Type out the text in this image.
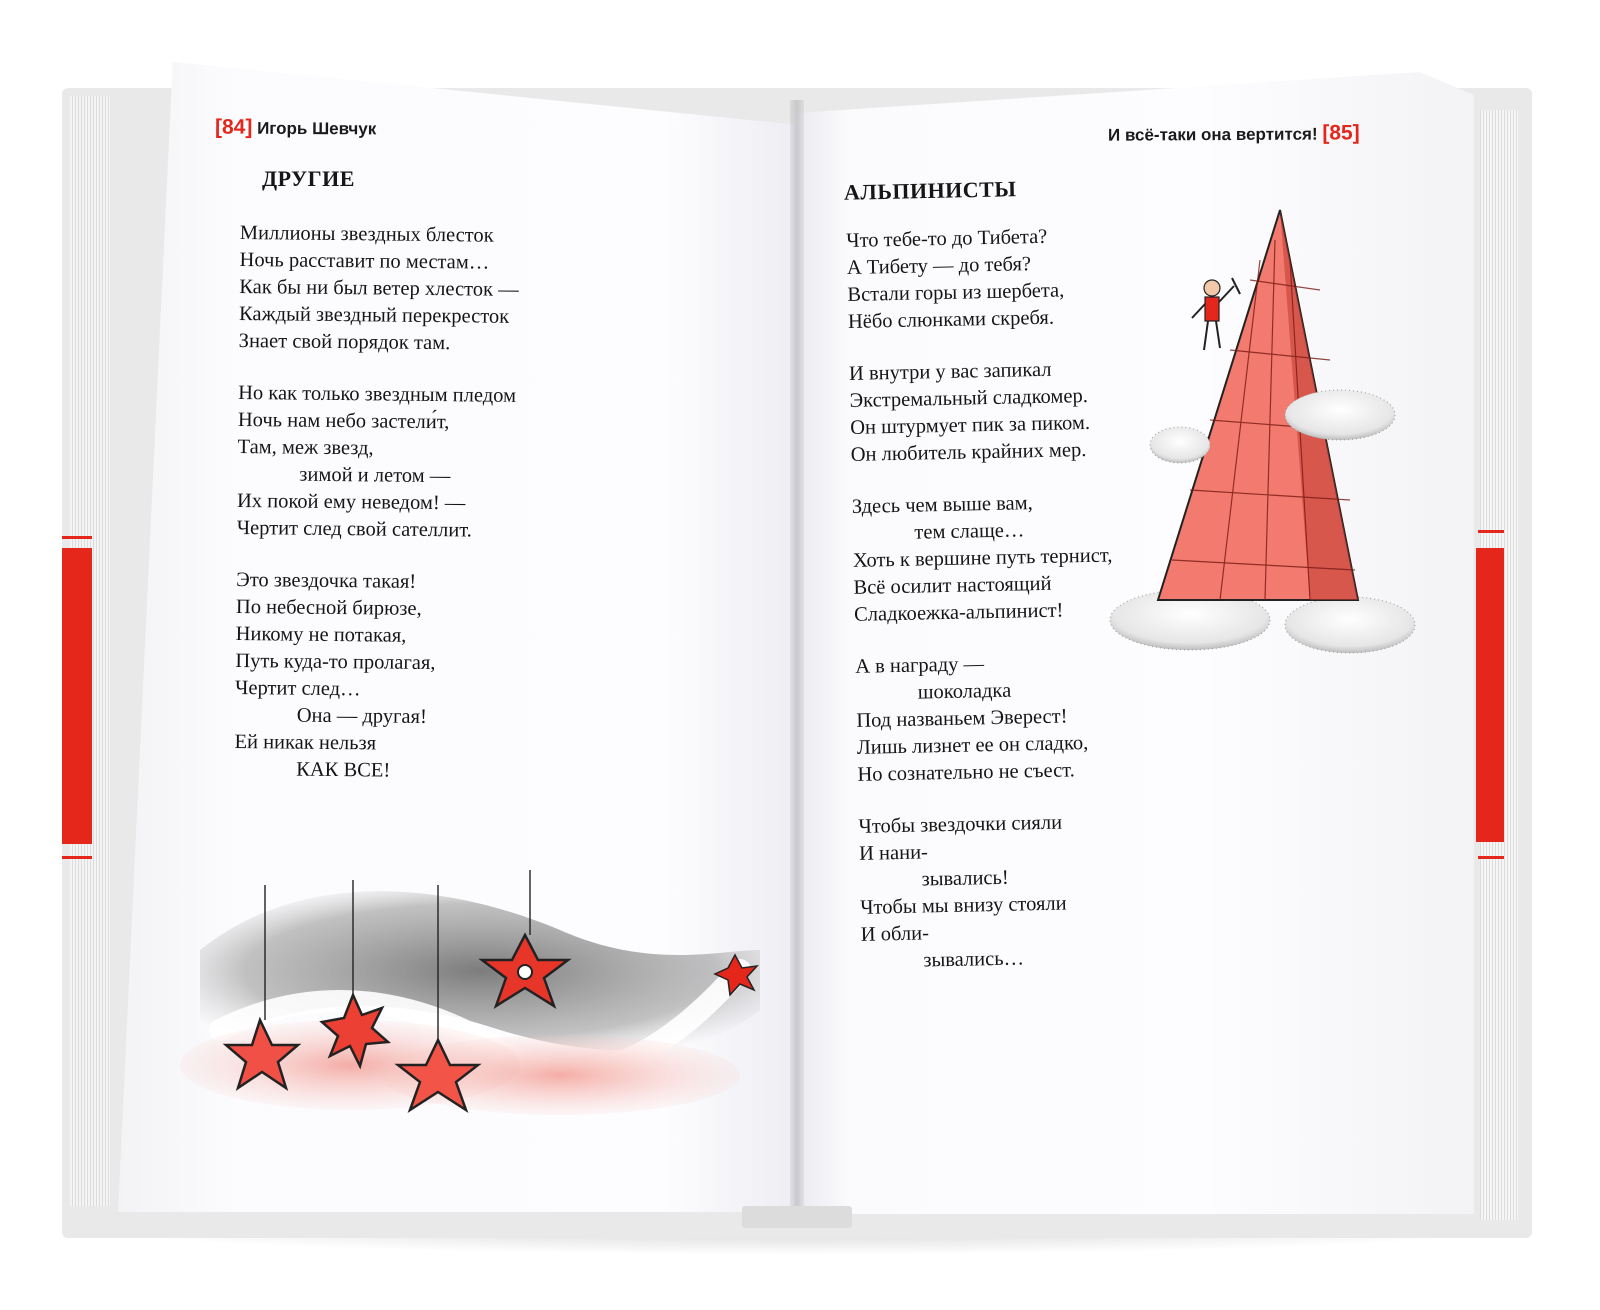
[84] Игорь Шевчук
ДРУГИЕ
Миллионы звездных блесток
Ночь расставит по местам…
Как бы ни был ветер хлесток —
Каждый звездный перекресток
Знает свой порядок там.
Но как только звездным пледом
Ночь нам небо застели́т,
Там, меж звезд,
зимой и летом —
Их покой ему неведом! —
Чертит след свой сателлит.
Это звездочка такая!
По небесной бирюзе,
Никому не потакая,
Путь куда-то пролагая,
Чертит след…
Она — другая!
Ей никак нельзя
КАК ВСЕ!
И всё-таки она вертится! [85]
АЛЬПИНИСТЫ
Что тебе-то до Тибета?
А Тибету — до тебя?
Встали горы из шербета,
Нёбо слюнками скребя.
И внутри у вас запикал
Экстремальный сладкомер.
Он штурмует пик за пиком.
Он любитель крайних мер.
Здесь чем выше вам,
тем слаще…
Хоть к вершине путь тернист,
Всё осилит настоящий
Сладкоежка-альпинист!
А в награду —
шоколадка
Под названьем Эверест!
Лишь лизнет ее он сладко,
Но сознательно не съест.
Чтобы звездочки сияли
И нани-
зывались!
Чтобы мы внизу стояли
И обли-
зывались…
